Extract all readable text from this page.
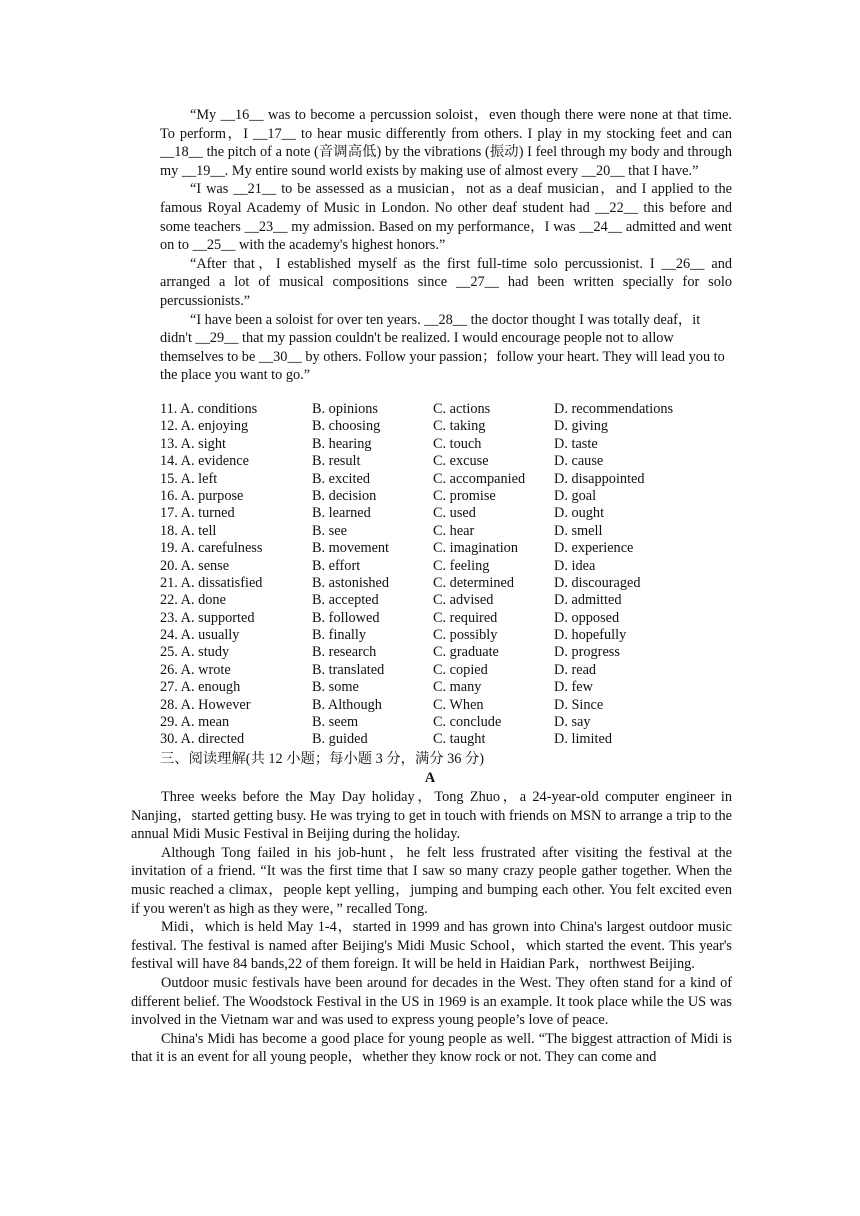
“My __16__ was to become a percussion soloist，even though there were none at that time. To perform，I __17__ to hear music differently from others. I play in my stocking feet and can __18__ the pitch of a note (音调高低) by the vibrations (振动) I feel through my body and through my __19__. My entire sound world exists by making use of almost every __20__ that I have.”

“I was __21__ to be assessed as a musician，not as a deaf musician，and I applied to the famous Royal Academy of Music in London. No other deaf student had __22__ this before and some teachers __23__ my admission. Based on my performance，I was __24__ admitted and went on to __25__ with the academy's highest honors.”

“After that，I established myself as the first full-time solo percussionist. I __26__ and arranged a lot of musical compositions since __27__ had been written specially for solo percussionists.”

“I have been a soloist for over ten years. __28__ the doctor thought I was totally deaf，it didn't __29__ that my passion couldn't be realized. I would encourage people not to allow themselves to be __30__ by others. Follow your passion；follow your heart. They will lead you to the place you want to go.”

11. A. conditions	B. opinions	C. actions	D. recommendations
12. A. enjoying	B. choosing	C. taking	D. giving
13. A. sight	B. hearing	C. touch	D. taste
14. A. evidence	B. result	C. excuse	D. cause
15. A. left	B. excited	C. accompanied D. disappointed
16. A. purpose	B. decision	C. promise	D. goal
17. A. turned	B. learned	C. used	D. ought
18. A. tell	B. see	C. hear	D. smell
19. A. carefulness	B. movement	C. imagination	D. experience
20. A. sense	B. effort	C. feeling	D. idea
21. A. dissatisfied	B. astonished	C. determined	D. discouraged
22. A. done	B. accepted	C. advised	D. admitted
23. A. supported	B. followed	C. required	D. opposed
24. A. usually	B. finally	C. possibly	D. hopefully
25. A. study	B. research	C. graduate	D. progress
26. A. wrote	B. translated	C. copied	D. read
27. A. enough	B. some	C. many	D. few
28. A. However	B. Although	C. When	D. Since
29. A. mean	B. seem	C. conclude	D. say
30. A. directed	B. guided	C. taught	D. limited
三、阅读理解(共 12 小题；每小题 3 分，满分 36 分)
A

Three weeks before the May Day holiday，Tong Zhuo，a 24-year-old computer engineer in Nanjing，started getting busy. He was trying to get in touch with friends on MSN to arrange a trip to the annual Midi Music Festival in Beijing during the holiday.

Although Tong failed in his job-hunt，he felt less frustrated after visiting the festival at the invitation of a friend. “It was the first time that I saw so many crazy people gather together. When the music reached a climax，people kept yelling，jumping and bumping each other. You felt excited even if you weren't as high as they were，” recalled Tong.

Midi，which is held May 1-4，started in 1999 and has grown into China's largest outdoor music festival. The festival is named after Beijing's Midi Music School，which started the event. This year's festival will have 84 bands,22 of them foreign. It will be held in Haidian Park，northwest Beijing.

Outdoor music festivals have been around for decades in the West. They often stand for a kind of different belief. The Woodstock Festival in the US in 1969 is an example. It took place while the US was involved in the Vietnam war and was used to express young people’s love of peace.

China's Midi has become a good place for young people as well. “The biggest attraction of Midi is that it is an event for all young people，whether they know rock or not. They can come and
